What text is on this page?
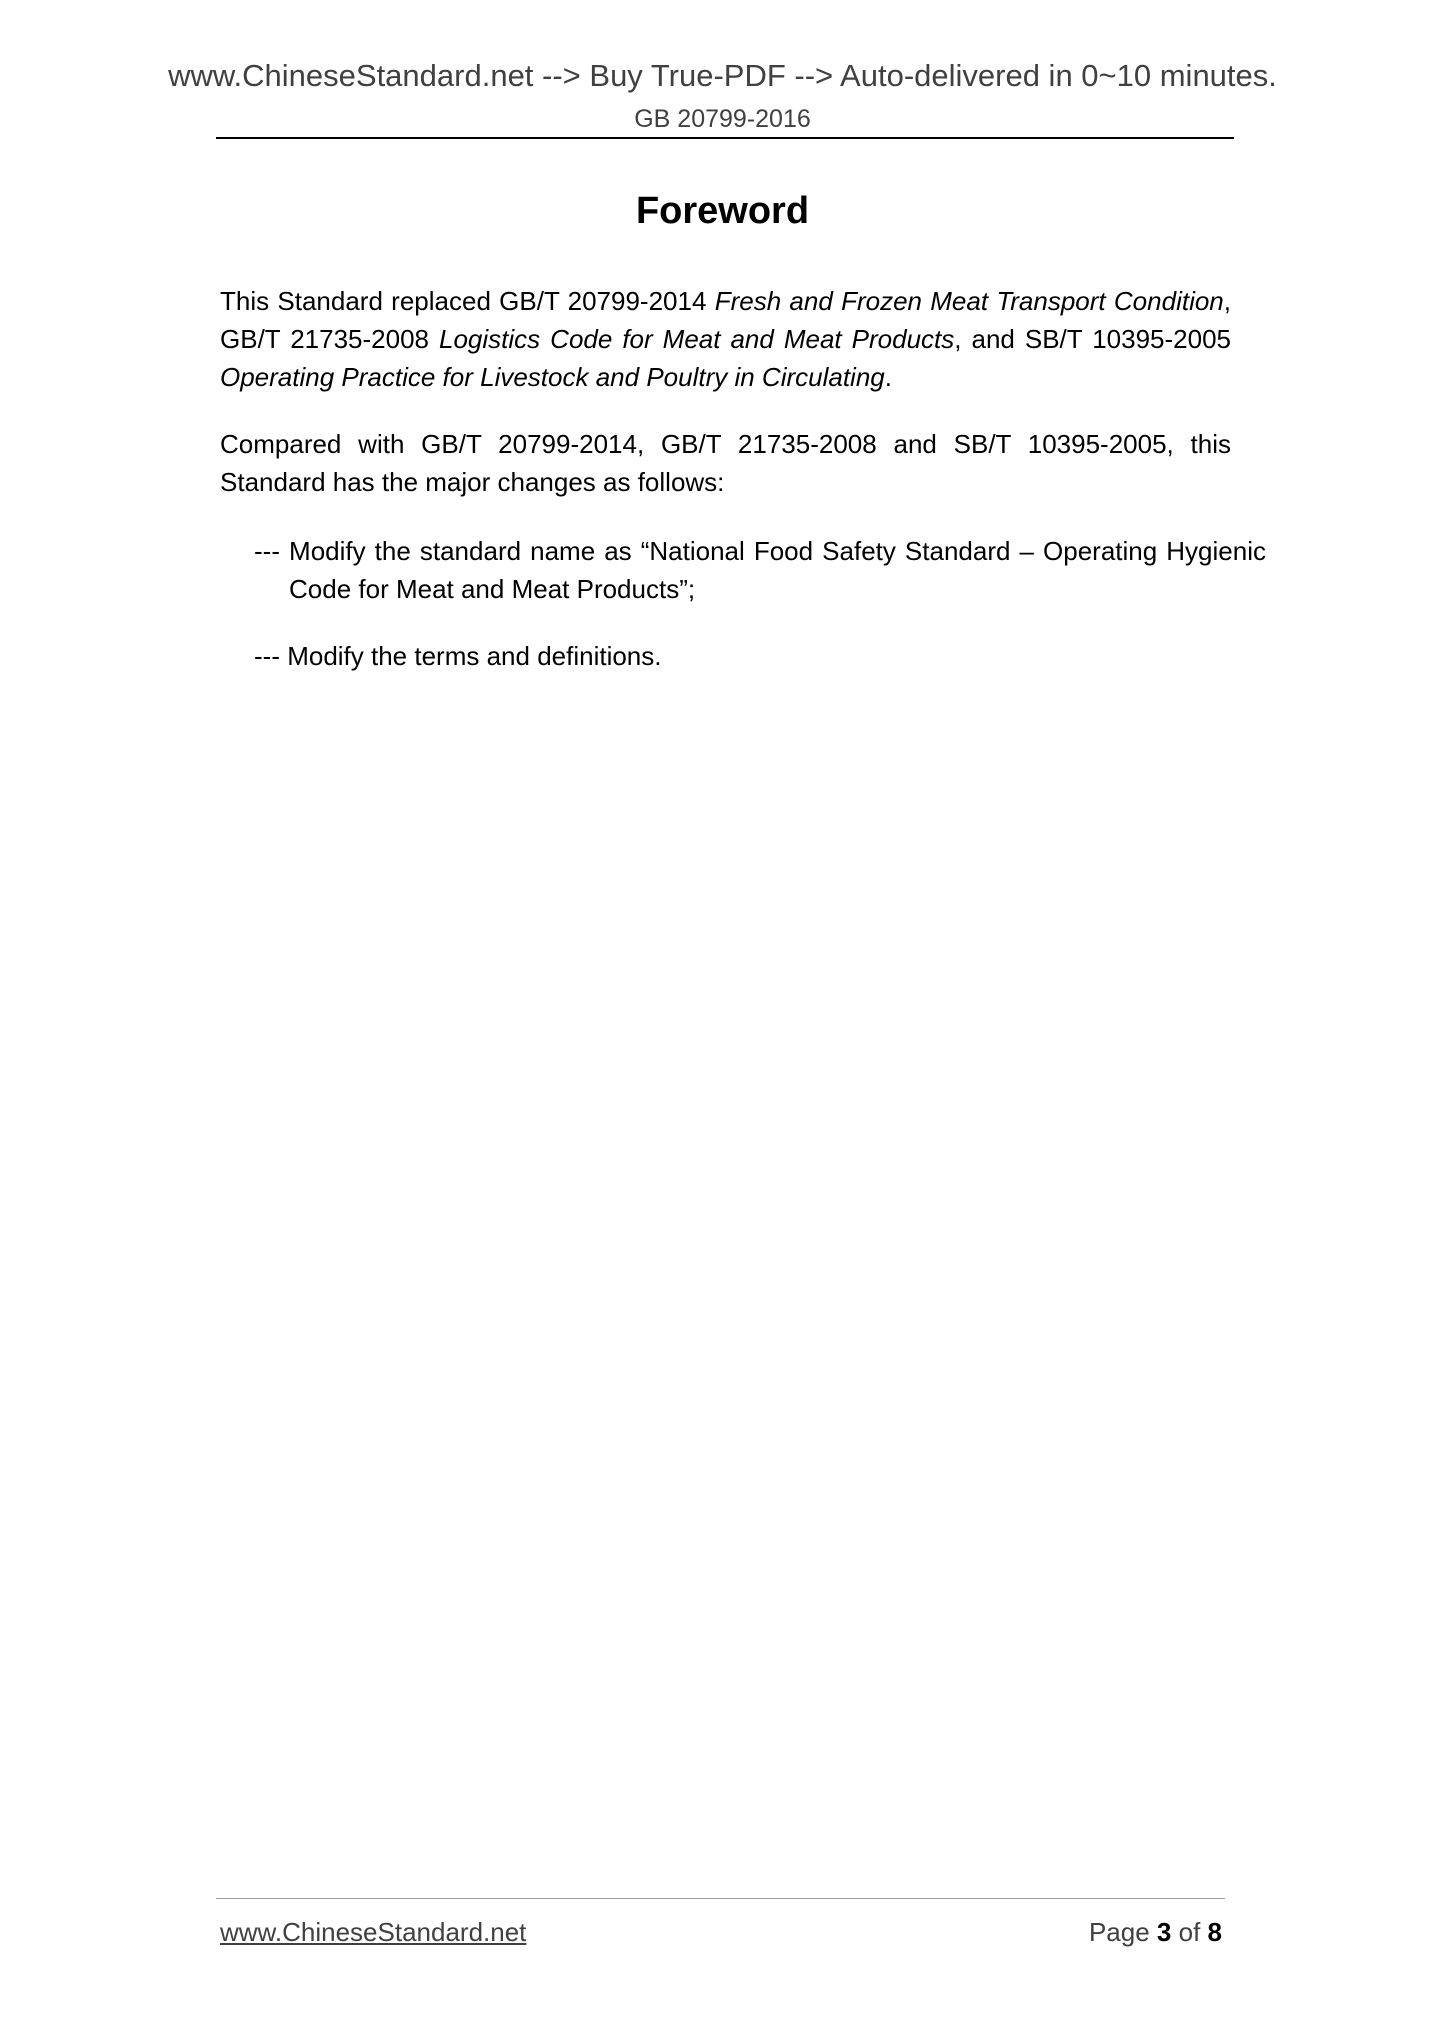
www.ChineseStandard.net --> Buy True-PDF --> Auto-delivered in 0~10 minutes.
GB 20799-2016
Foreword

This Standard replaced GB/T 20799-2014 Fresh and Frozen Meat Transport Condition, GB/T 21735-2008 Logistics Code for Meat and Meat Products, and SB/T 10395-2005 Operating Practice for Livestock and Poultry in Circulating.

Compared with GB/T 20799-2014, GB/T 21735-2008 and SB/T 10395-2005, this Standard has the major changes as follows:

--- Modify the standard name as “National Food Safety Standard – Operating Hygienic Code for Meat and Meat Products”;

--- Modify the terms and definitions.

www.ChineseStandard.net	Page 3 of 8
